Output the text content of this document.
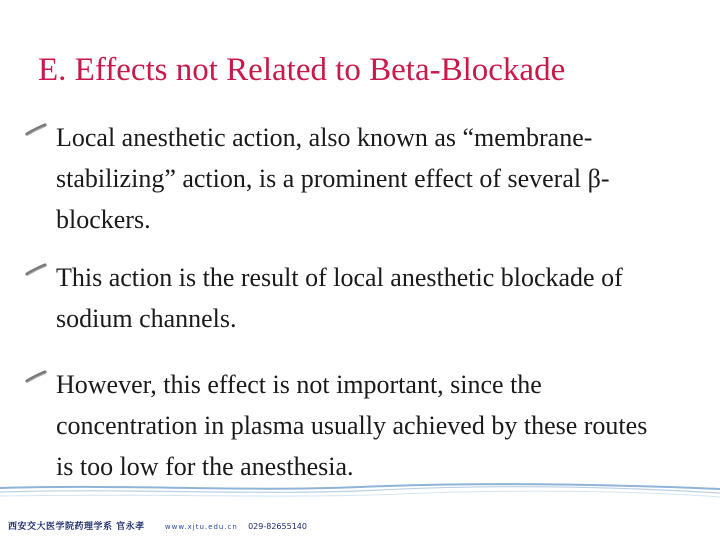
E. Effects not Related to Beta-Blockade
Local anesthetic action, also known as “membrane-stabilizing” action, is a prominent effect of several β-blockers.
This action is the result of local anesthetic blockade of sodium channels.
However, this effect is not important, since the concentration in plasma usually achieved by these routes is too low for the anesthesia.
西安交大医学院药理学系 官永孝	www.xjtu.edu.cn 029-82655140
